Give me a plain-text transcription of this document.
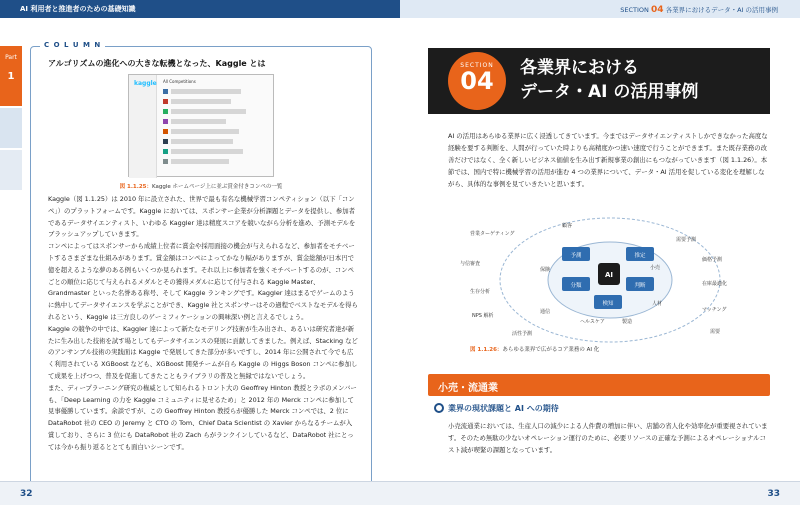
AI 利用者と推進者のための基礎知識
Part
1
C O L U M N
アルゴリズムの進化への大きな転機となった、Kaggle とは
kaggle All Competitions
図 1.1.25：Kaggle ホームページ上に並ぶ賞金付きコンペの一覧

Kaggle（図 1.1.25）は 2010 年に設立された、世界で最も有名な機械学習コンペティション（以下「コンペ」）のプラットフォームです。Kaggle においては、スポンサー企業が分析課題とデータを提供し、参加者であるデータサイエンティスト、いわゆる Kaggler 達は精度スコアを競いながら分析を進め、予測モデルをブラッシュアップしていきます。

コンペによってはスポンサーから成績上位者に賞金や採用面接の機会が与えられるなど、参加者をモチベートするさまざまな仕組みがあります。賞金額はコンペによってかなり幅がありますが、賞金総額が日本円で億を超えるような夢のある例もいくつか見られます。それ以上に参加者を強くモチベートするのが、コンペごとの順位に応じて与えられるメダルとその獲得メダルに応じて付与される Kaggle Master、Grandmaster といった名誉ある称号、そして Kaggle ランキングです。Kaggler 達はまるでゲームのように熱中してデータサイエンスを学ぶことができ、Kaggle 社とスポンサーはその過程でベストなモデルを得られるという、Kaggle は三方良しのゲーミフィケーションの興味深い例と言えるでしょう。

Kaggle の競争の中では、Kaggler 達によって新たなモデリング技術が生み出され、あるいは研究者達が新たに生み出した技術を試す場としてもデータサイエンスの発展に貢献してきました。例えば、Stacking などのアンサンブル技術の実践面は Kaggle で発展してきた部分が多いですし、2014 年に公開されて今でも広く利用されている XGBoost なども、XGBoost 開発チームが自ら Kaggle の Higgs Boson コンペに参加して成果を上げつつ、普及を促進してきたこともライブラリの普及と無縁ではないでしょう。

また、ディープラーニング研究の権威として知られるトロント大の Geoffrey Hinton 教授とラボのメンバーも、「Deep Learning の力を Kaggle コミュニティに見せるため」と 2012 年の Merck コンペに参加して見事優勝しています。余談ですが、この Geoffrey Hinton 教授らが優勝した Merck コンペでは、2 位に DataRobot 社の CEO の Jeremy と CTO の Tom、Chief Data Scientist の Xavier からなるチームが入賞しており、さらに 3 位にも DataRobot 社の Zach らがランクインしているなど、DataRobot 社にとっては今から振り返るととても面白いシーンです。

32
SECTION 04 各業界におけるデータ・AI の活用事例
33
SECTION
04	各業界における
データ・AI の活用事例
AI の活用はあらゆる業界に広く浸透してきています。今まではデータサイエンティストしかできなかった高度な経験を要する判断を、人間が行っていた時よりも高精度かつ速い速度で行うことができます。また既存業務の改善だけではなく、全く新しいビジネス価値を生み出す新規事業の創出にもつながっていきます（図 1.1.26）。本節では、国内で特に機械学習の活用が進む 4 つの業界について、データ・AI 活用を促している変化を理解しながら、具体的な事例を見ていきたいと思います。
予測	推定
分類	判断
検知
AI
営業ターゲティング
与信審査
生存分析
NPS 解析
顧客
需要予測
価格予測
小売
在庫最適化
需要
保険
通信
ヘルスケア	製造
人材
マッチング
活性予測
図 1.1.26：あらゆる業界で広がるコア業務の AI 化
小売・流通業
業界の現状課題と AI への期待
小売流通業においては、生産人口の減少による人件費の増加に伴い、店舗の省人化や効率化が重要視されています。そのため無駄の少ないオペレーション運行のために、必要リソースの正確な予測によるオペレーショナルコスト減が喫緊の課題となっています。
